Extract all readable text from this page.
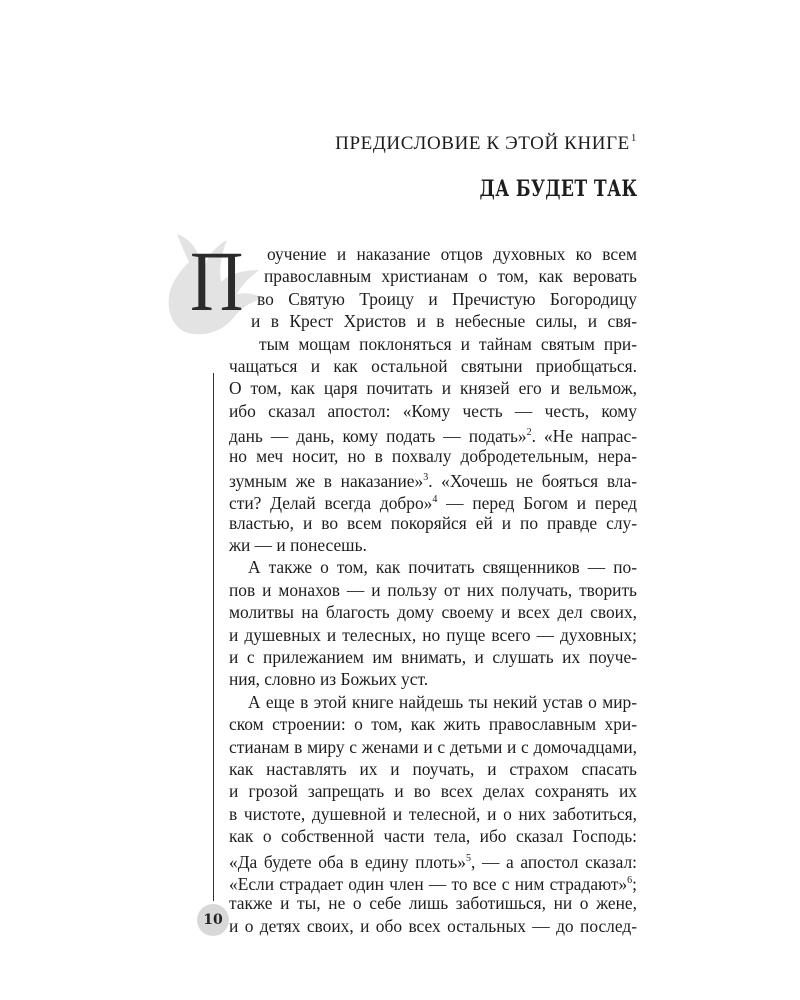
ПРЕДИСЛОВИЕ К ЭТОЙ КНИГЕ$^1$
ДА БУДЕТ ТАК
П оучение и наказание отцов духовных ко всем
православным христианам о том, как веровать
во Святую Троицу и Пречистую Богородицу
и в Крест Христов и в небесные силы, и свя-
тым мощам поклоняться и тайнам святым при-
чащаться и как остальной святыни приобщаться.
О том, как царя почитать и князей его и вельмож,
ибо сказал апостол: «Кому честь — честь, кому
дань — дань, кому подать — подать»$^2$. «Не напрас-
но меч носит, но в похвалу добродетельным, нера-
зумным же в наказание»$^3$. «Хочешь не бояться вла-
сти? Делай всегда добро»$^4$ — перед Богом и перед
властью, и во всем покоряйся ей и по правде слу-
жи — и понесешь.
А также о том, как почитать священников — по-
пов и монахов — и пользу от них получать, творить
молитвы на благость дому своему и всех дел своих,
и душевных и телесных, но пуще всего — духовных;
и с прилежанием им внимать, и слушать их поуче-
ния, словно из Божьих уст.
А еще в этой книге найдешь ты некий устав о мир-
ском строении: о том, как жить православным хри-
стианам в миру с женами и с детьми и с домочадцами,
как наставлять их и поучать, и страхом спасать
и грозой запрещать и во всех делах сохранять их
в чистоте, душевной и телесной, и о них заботиться,
как о собственной части тела, ибо сказал Господь:
«Да будете оба в едину плоть»$^5$, — а апостол сказал:
«Если страдает один член — то все с ним страдают»$^6$;
также и ты, не о себе лишь заботишься, ни о жене,
и о детях своих, и обо всех остальных — до послед-
10
